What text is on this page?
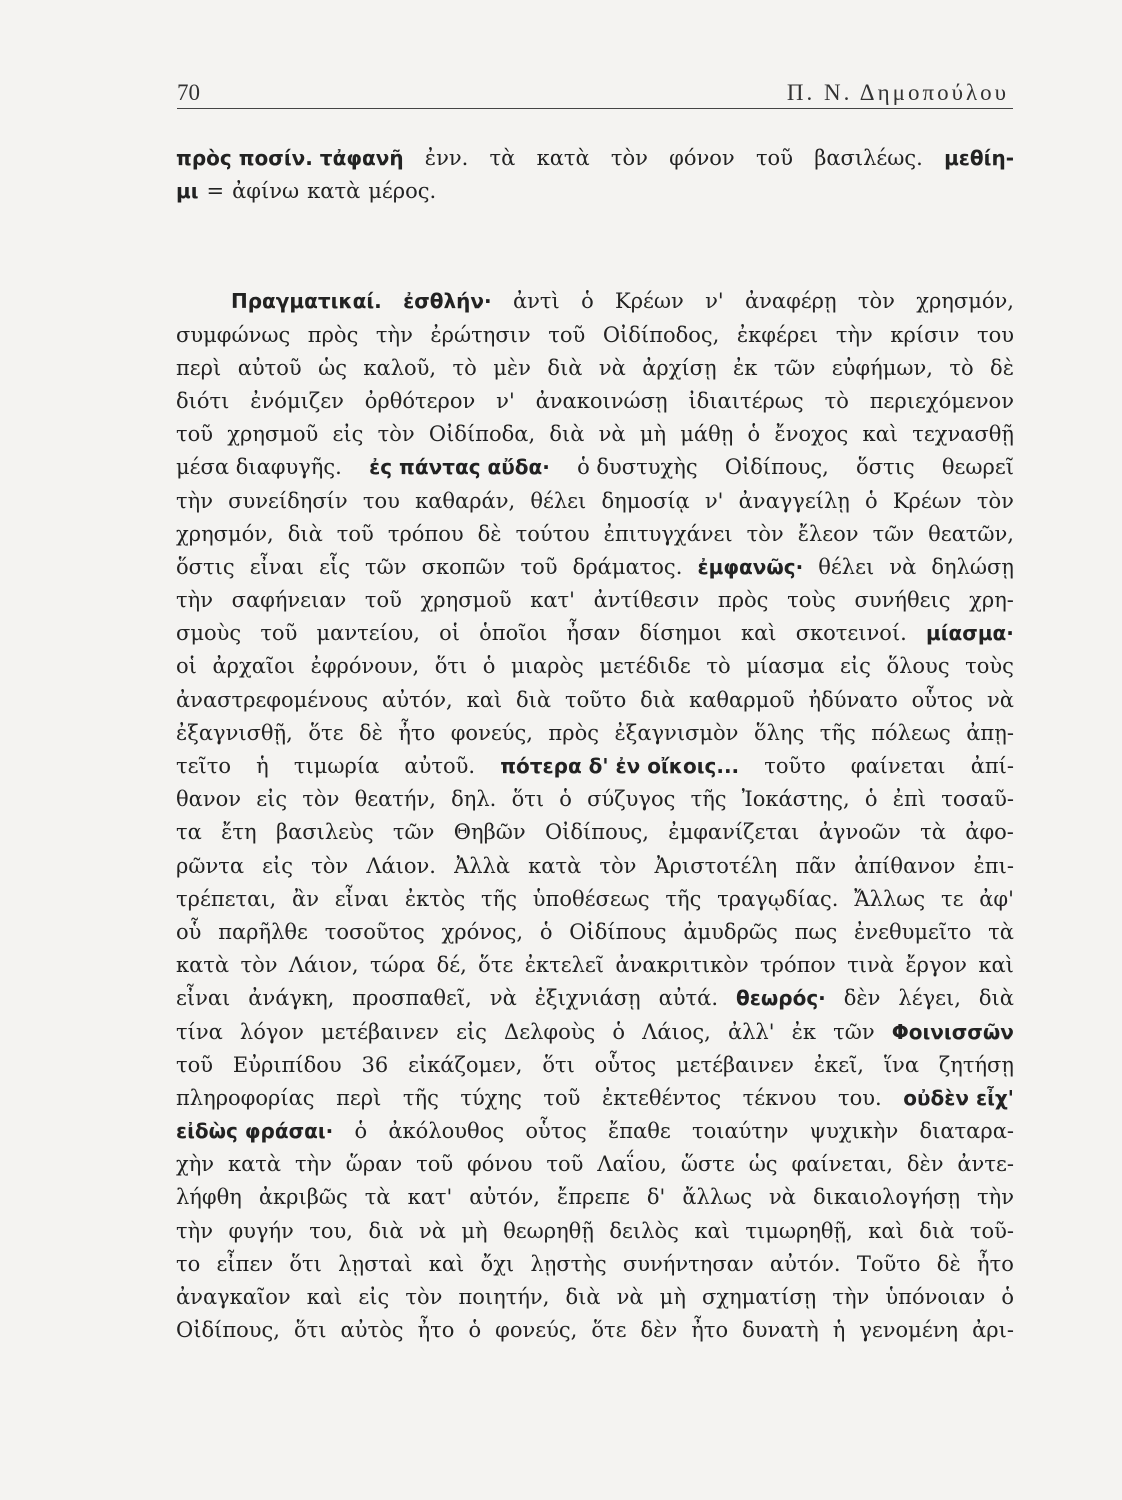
70	Π. Ν. Δημοπούλου
πρὸς ποσίν. τἀφανῆ ἐνν. τὰ κατὰ τὸν φόνον τοῦ βασιλέως. μεθίη-
μι = ἀφίνω κατὰ μέρος.
Πραγματικαί. ἐσθλήν· ἀντὶ ὁ Κρέων ν' ἀναφέρῃ τὸν χρησμόν,
συμφώνως πρὸς τὴν ἐρώτησιν τοῦ Οἰδίποδος, ἐκφέρει τὴν κρίσιν του
περὶ αὐτοῦ ὡς καλοῦ, τὸ μὲν διὰ νὰ ἀρχίσῃ ἐκ τῶν εὐφήμων, τὸ δὲ
διότι ἐνόμιζεν ὀρθότερον ν' ἀνακοινώσῃ ἰδιαιτέρως τὸ περιεχόμενον
τοῦ χρησμοῦ εἰς τὸν Οἰδίποδα, διὰ νὰ μὴ μάθῃ ὁ ἔνοχος καὶ τεχνασθῇ
μέσα διαφυγῆς. ἐς πάντας αὔδα· ὁ δυστυχὴς Οἰδίπους, ὅστις θεωρεῖ
τὴν συνείδησίν του καθαράν, θέλει δημοσίᾳ ν' ἀναγγείλῃ ὁ Κρέων τὸν
χρησμόν, διὰ τοῦ τρόπου δὲ τούτου ἐπιτυγχάνει τὸν ἔλεον τῶν θεατῶν,
ὅστις εἶναι εἷς τῶν σκοπῶν τοῦ δράματος. ἐμφανῶς· θέλει νὰ δηλώσῃ
τὴν σαφήνειαν τοῦ χρησμοῦ κατ' ἀντίθεσιν πρὸς τοὺς συνήθεις χρη-
σμοὺς τοῦ μαντείου, οἱ ὁποῖοι ἦσαν δίσημοι καὶ σκοτεινοί. μίασμα·
οἱ ἀρχαῖοι ἐφρόνουν, ὅτι ὁ μιαρὸς μετέδιδε τὸ μίασμα εἰς ὅλους τοὺς
ἀναστρεφομένους αὐτόν, καὶ διὰ τοῦτο διὰ καθαρμοῦ ἠδύνατο οὗτος νὰ
ἐξαγνισθῇ, ὅτε δὲ ἦτο φονεύς, πρὸς ἐξαγνισμὸν ὅλης τῆς πόλεως ἀπῃ-
τεῖτο ἡ τιμωρία αὐτοῦ. πότερα δ' ἐν οἴκοις... τοῦτο φαίνεται ἀπί-
θανον εἰς τὸν θεατήν, δηλ. ὅτι ὁ σύζυγος τῆς Ἰοκάστης, ὁ ἐπὶ τοσαῦ-
τα ἔτη βασιλεὺς τῶν Θηβῶν Οἰδίπους, ἐμφανίζεται ἀγνοῶν τὰ ἀφο-
ρῶντα εἰς τὸν Λάιον. Ἀλλὰ κατὰ τὸν Ἀριστοτέλη πᾶν ἀπίθανον ἐπι-
τρέπεται, ἂν εἶναι ἐκτὸς τῆς ὑποθέσεως τῆς τραγῳδίας. Ἄλλως τε ἀφ'
οὗ παρῆλθε τοσοῦτος χρόνος, ὁ Οἰδίπους ἀμυδρῶς πως ἐνεθυμεῖτο τὰ
κατὰ τὸν Λάιον, τώρα δέ, ὅτε ἐκτελεῖ ἀνακριτικὸν τρόπον τινὰ ἔργον καὶ
εἶναι ἀνάγκη, προσπαθεῖ, νὰ ἐξιχνιάσῃ αὐτά. θεωρός· δὲν λέγει, διὰ
τίνα λόγον μετέβαινεν εἰς Δελφοὺς ὁ Λάιος, ἀλλ' ἐκ τῶν Φοινισσῶν
τοῦ Εὐριπίδου 36 εἰκάζομεν, ὅτι οὗτος μετέβαινεν ἐκεῖ, ἵνα ζητήσῃ
πληροφορίας περὶ τῆς τύχης τοῦ ἐκτεθέντος τέκνου του. οὐδὲν εἶχ'
εἰδὼς φράσαι· ὁ ἀκόλουθος οὗτος ἔπαθε τοιαύτην ψυχικὴν διαταρα-
χὴν κατὰ τὴν ὥραν τοῦ φόνου τοῦ Λαΐου, ὥστε ὡς φαίνεται, δὲν ἀντε-
λήφθη ἀκριβῶς τὰ κατ' αὐτόν, ἔπρεπε δ' ἄλλως νὰ δικαιολογήσῃ τὴν
τὴν φυγήν του, διὰ νὰ μὴ θεωρηθῇ δειλὸς καὶ τιμωρηθῇ, καὶ διὰ τοῦ-
το εἶπεν ὅτι λῃσταὶ καὶ ὄχι λῃστὴς συνήντησαν αὐτόν. Τοῦτο δὲ ἦτο
ἀναγκαῖον καὶ εἰς τὸν ποιητήν, διὰ νὰ μὴ σχηματίσῃ τὴν ὑπόνοιαν ὁ
Οἰδίπους, ὅτι αὐτὸς ἦτο ὁ φονεύς, ὅτε δὲν ἦτο δυνατὴ ἡ γενομένη ἀρι-
